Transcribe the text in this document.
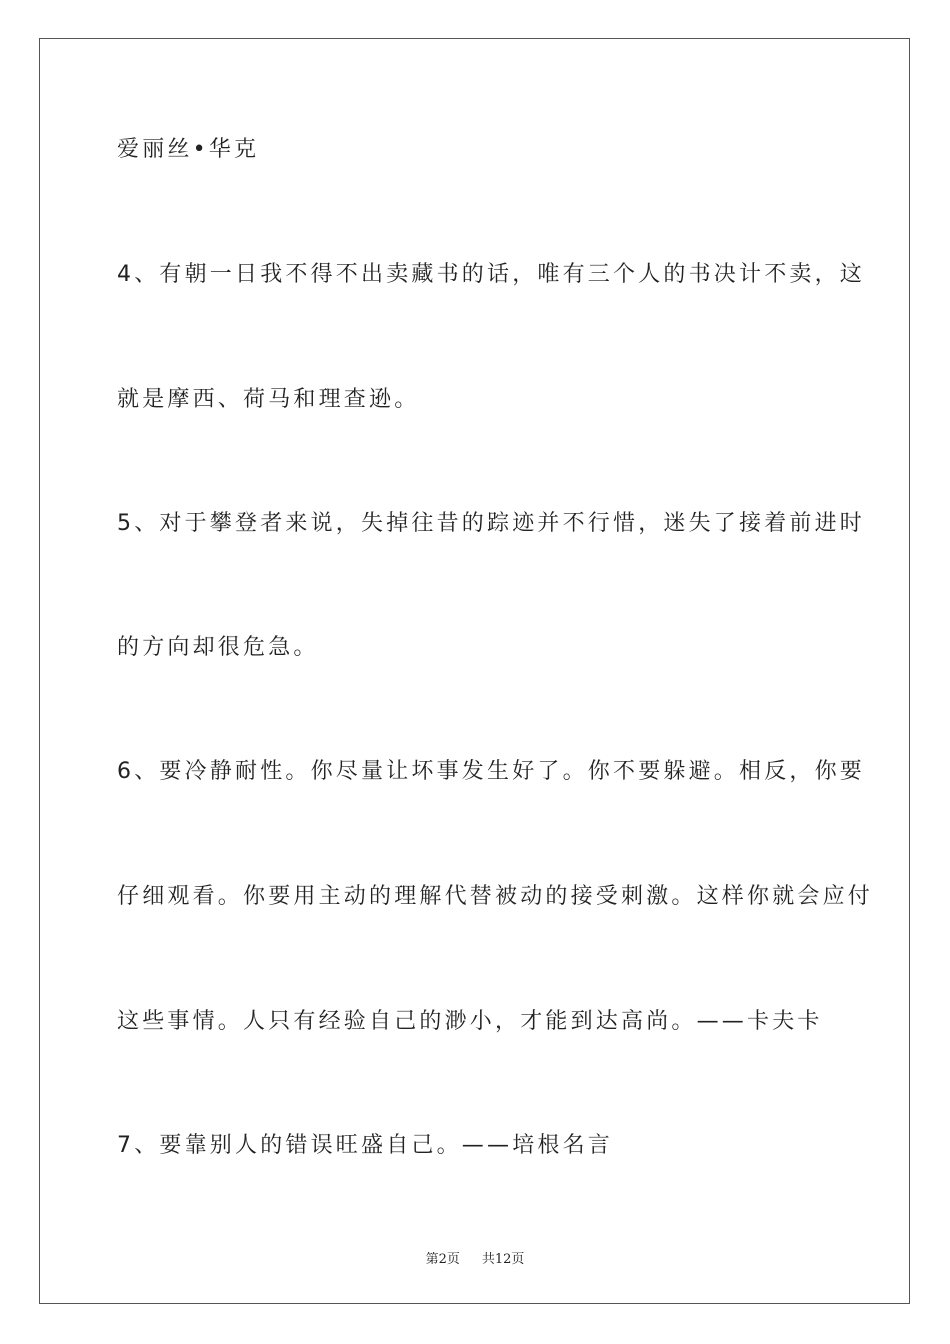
爱丽丝•华克
4、有朝一日我不得不出卖藏书的话，唯有三个人的书决计不卖，这
就是摩西、荷马和理查逊。
5、对于攀登者来说，失掉往昔的踪迹并不行惜，迷失了接着前进时
的方向却很危急。
6、要冷静耐性。你尽量让坏事发生好了。你不要躲避。相反，你要
仔细观看。你要用主动的理解代替被动的接受刺激。这样你就会应付
这些事情。人只有经验自己的渺小，才能到达高尚。——卡夫卡
7、要靠别人的错误旺盛自己。——培根名言
第2页 共12页
